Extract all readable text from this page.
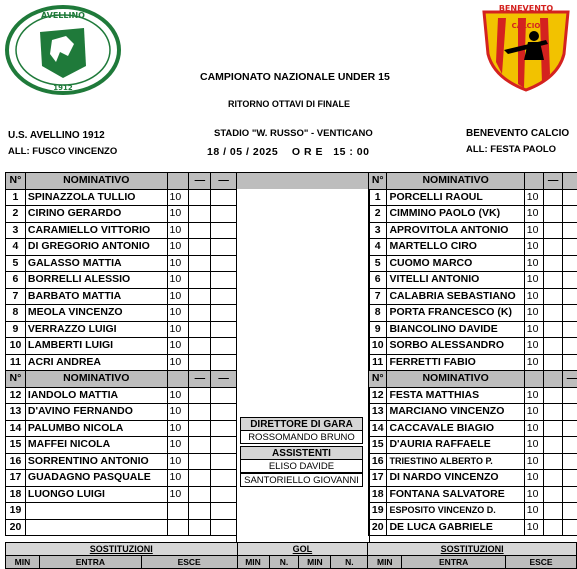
AVELLINO
1912
BENEVENTO
CALCIO
CAMPIONATO NAZIONALE UNDER 15
RITORNO OTTAVI DI FINALE
STADIO "W. RUSSO" - VENTICANO
18 / 05 / 2025    O R E   15 : 00
U.S. AVELLINO 1912
ALL: FUSCO VINCENZO
BENEVENTO CALCIO
ALL: FESTA PAOLO
N°	NOMINATIVO		—	—
1	SPINAZZOLA TULLIO	10		
2	CIRINO GERARDO	10		
3	CARAMIELLO VITTORIO	10		
4	DI GREGORIO ANTONIO	10		
5	GALASSO MATTIA	10		
6	BORRELLI ALESSIO	10		
7	BARBATO MATTIA	10		
8	MEOLA VINCENZO	10		
9	VERRAZZO LUIGI	10		
10	LAMBERTI LUIGI	10		
11	ACRI ANDREA	10		
N°	NOMINATIVO		—	—
12	IANDOLO MATTIA	10		
13	D'AVINO FERNANDO	10		
14	PALUMBO NICOLA	10		
15	MAFFEI NICOLA	10		
16	SORRENTINO ANTONIO	10		
17	GUADAGNO PASQUALE	10		
18	LUONGO LUIGI	10		
19				
20				
DIRETTORE DI GARA
ROSSOMANDO BRUNO
ASSISTENTI
ELISO DAVIDE
SANTORIELLO GIOVANNI
N°	NOMINATIVO		—	
1	PORCELLI RAOUL	10		
2	CIMMINO PAOLO (VK)	10		
3	APROVITOLA ANTONIO	10		
4	MARTELLO CIRO	10		
5	CUOMO MARCO	10		
6	VITELLI ANTONIO	10		
7	CALABRIA SEBASTIANO	10		
8	PORTA FRANCESCO (K)	10		
9	BIANCOLINO DAVIDE	10		
10	SORBO ALESSANDRO	10		
11	FERRETTI FABIO	10		
N°	NOMINATIVO			—
12	FESTA MATTHIAS	10		
13	MARCIANO VINCENZO	10		
14	CACCAVALE BIAGIO	10		
15	D'AURIA RAFFAELE	10		
16	TRIESTINO ALBERTO P.	10		
17	DI NARDO VINCENZO	10		
18	FONTANA SALVATORE	10		
19	ESPOSITO VINCENZO D.	10		
20	DE LUCA GABRIELE	10		
SOSTITUZIONI			GOL				SOSTITUZIONI		
MIN	ENTRA	ESCE	MIN	N.	MIN	N.	MIN	ENTRA	ESCE
